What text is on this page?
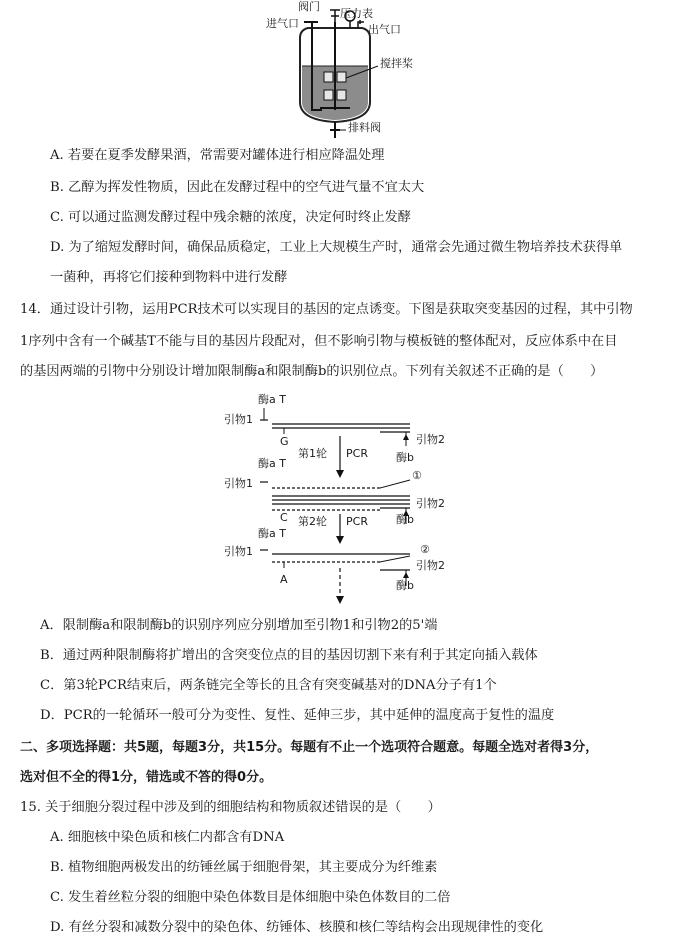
阀门
压力表
进气口	出气口
搅拌桨
排料阀
A. 若要在夏季发酵果酒，常需要对罐体进行相应降温处理
B. 乙醇为挥发性物质，因此在发酵过程中的空气进气量不宜太大
C. 可以通过监测发酵过程中残余糖的浓度，决定何时终止发酵
D. 为了缩短发酵时间，确保品质稳定，工业上大规模生产时，通常会先通过微生物培养技术获得单
一菌种，再将它们接种到物料中进行发酵
14．通过设计引物，运用PCR技术可以实现目的基因的定点诱变。下图是获取突变基因的过程，其中引物
1序列中含有一个碱基T不能与目的基因片段配对，但不影响引物与模板链的整体配对，反应体系中在目
的基因两端的引物中分别设计增加限制酶a和限制酶b的识别位点。下列有关叙述不正确的是（　　）
酶a T
引物1
G	引物2
第1轮 PCR	酶b
酶a T
①
引物1
引物2
C	酶b
第2轮 PCR
酶a T
②
引物1
引物2
A	酶b
A．限制酶a和限制酶b的识别序列应分别增加至引物1和引物2的5'端
B．通过两种限制酶将扩增出的含突变位点的目的基因切割下来有利于其定向插入载体
C．第3轮PCR结束后，两条链完全等长的且含有突变碱基对的DNA分子有1个
D．PCR的一轮循环一般可分为变性、复性、延伸三步，其中延伸的温度高于复性的温度
二、多项选择题：共5题，每题3分，共15分。每题有不止一个选项符合题意。每题全选对者得3分，
选对但不全的得1分，错选或不答的得0分。
15. 关于细胞分裂过程中涉及到的细胞结构和物质叙述错误的是（　　）
A. 细胞核中染色质和核仁内都含有DNA
B. 植物细胞两极发出的纺锤丝属于细胞骨架，其主要成分为纤维素
C. 发生着丝粒分裂的细胞中染色体数目是体细胞中染色体数目的二倍
D. 有丝分裂和减数分裂中的染色体、纺锤体、核膜和核仁等结构会出现规律性的变化
